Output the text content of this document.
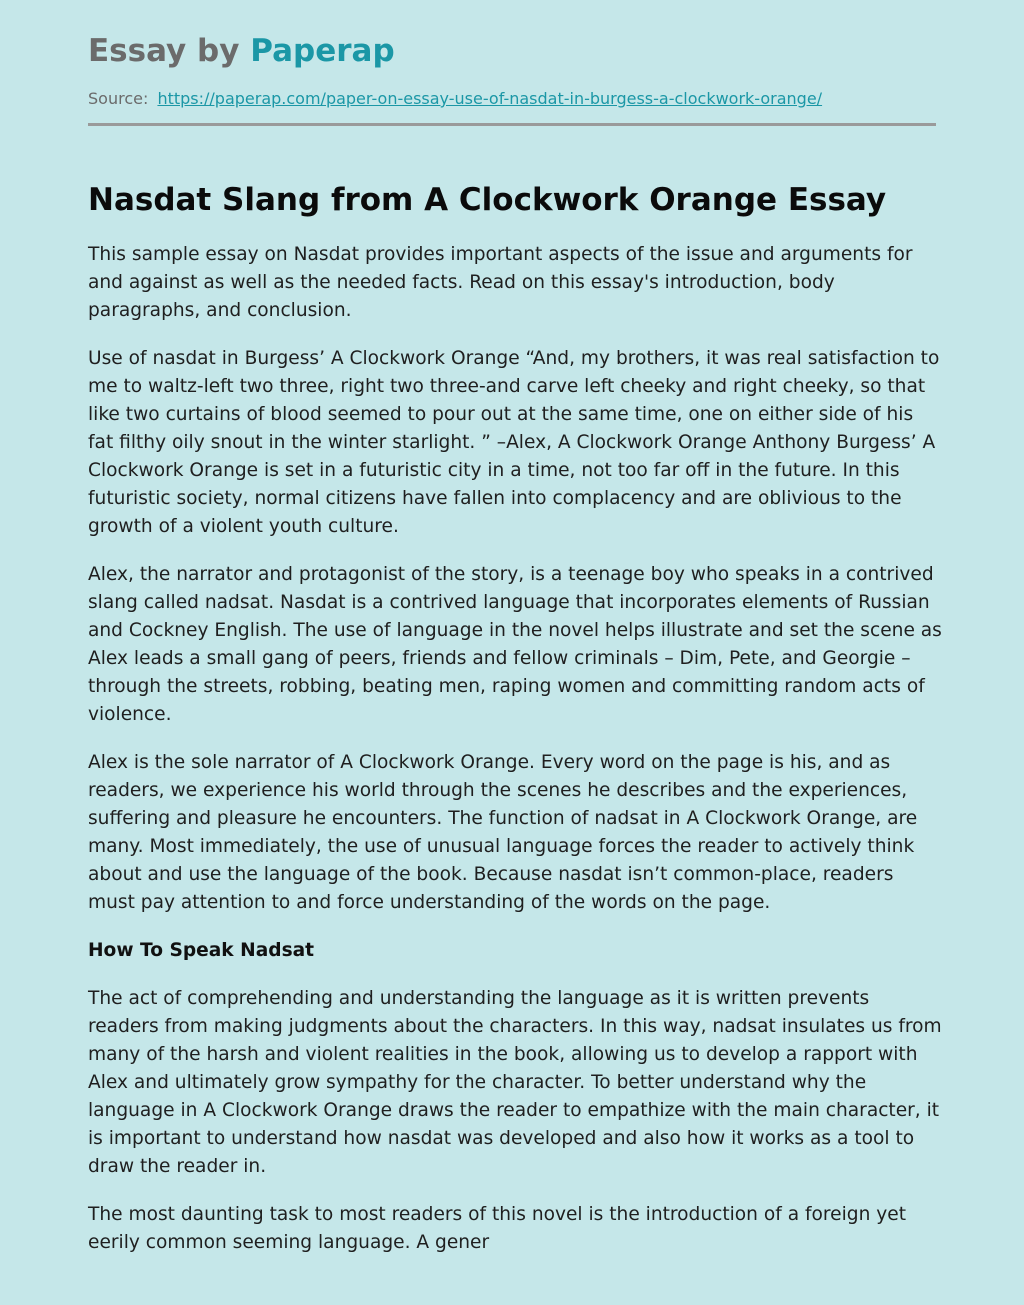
Essay by Paperap
Source: https://paperap.com/paper-on-essay-use-of-nasdat-in-burgess-a-clockwork-orange/
Nasdat Slang from A Clockwork Orange Essay

This sample essay on Nasdat provides important aspects of the issue and arguments for and against as well as the needed facts. Read on this essay's introduction, body paragraphs, and conclusion.

Use of nasdat in Burgess’ A Clockwork Orange “And, my brothers, it was real satisfaction to me to waltz-left two three, right two three-and carve left cheeky and right cheeky, so that like two curtains of blood seemed to pour out at the same time, one on either side of his fat filthy oily snout in the winter starlight. ” –Alex, A Clockwork Orange Anthony Burgess’ A Clockwork Orange is set in a futuristic city in a time, not too far off in the future. In this futuristic society, normal citizens have fallen into complacency and are oblivious to the growth of a violent youth culture.

Alex, the narrator and protagonist of the story, is a teenage boy who speaks in a contrived slang called nadsat. Nasdat is a contrived language that incorporates elements of Russian and Cockney English. The use of language in the novel helps illustrate and set the scene as Alex leads a small gang of peers, friends and fellow criminals – Dim, Pete, and Georgie – through the streets, robbing, beating men, raping women and committing random acts of violence.

Alex is the sole narrator of A Clockwork Orange. Every word on the page is his, and as readers, we experience his world through the scenes he describes and the experiences, suffering and pleasure he encounters. The function of nadsat in A Clockwork Orange, are many. Most immediately, the use of unusual language forces the reader to actively think about and use the language of the book. Because nasdat isn’t common-place, readers must pay attention to and force understanding of the words on the page.

How To Speak Nadsat

The act of comprehending and understanding the language as it is written prevents readers from making judgments about the characters. In this way, nadsat insulates us from many of the harsh and violent realities in the book, allowing us to develop a rapport with Alex and ultimately grow sympathy for the character. To better understand why the language in A Clockwork Orange draws the reader to empathize with the main character, it is important to understand how nasdat was developed and also how it works as a tool to draw the reader in.

The most daunting task to most readers of this novel is the introduction of a foreign yet eerily common seeming language. A gener
